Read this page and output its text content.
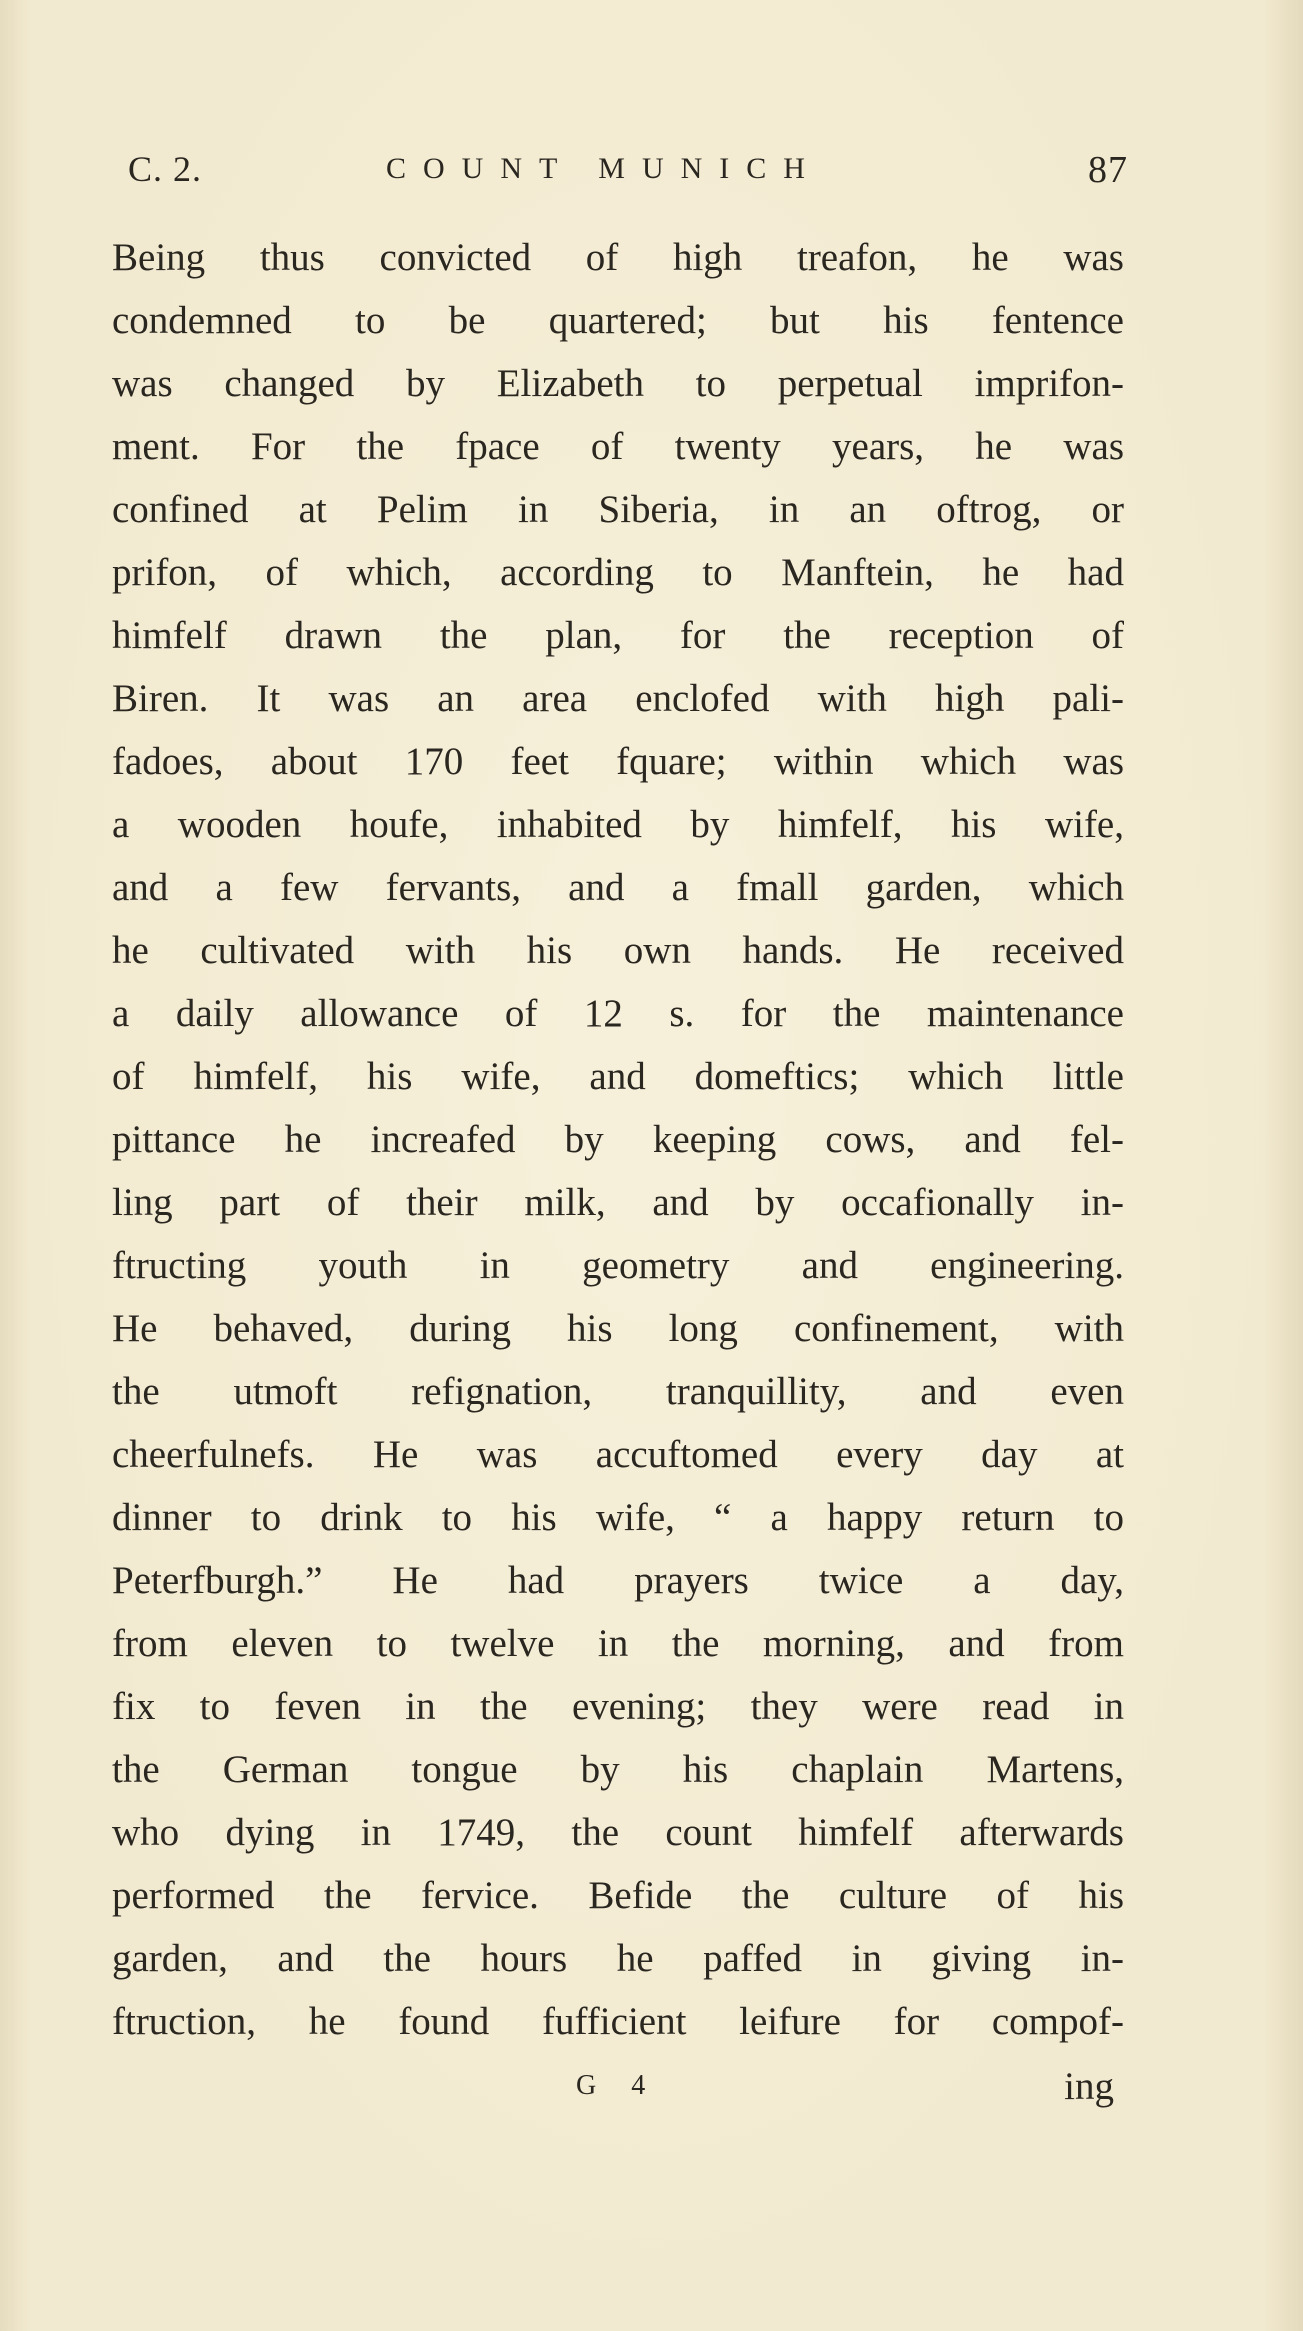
C. 2.	COUNT MUNICH	87
Being thus convicted of high treafon, he was
condemned to be quartered; but his fentence
was changed by Elizabeth to perpetual imprifon-
ment. For the fpace of twenty years, he was
confined at Pelim in Siberia, in an oftrog, or
prifon, of which, according to Manftein, he had
himfelf drawn the plan, for the reception of
Biren. It was an area enclofed with high pali-
fadoes, about 170 feet fquare; within which was
a wooden houfe, inhabited by himfelf, his wife,
and a few fervants, and a fmall garden, which
he cultivated with his own hands. He received
a daily allowance of 12 s. for the maintenance
of himfelf, his wife, and domeftics; which little
pittance he increafed by keeping cows, and fel-
ling part of their milk, and by occafionally in-
ftructing youth in geometry and engineering.
He behaved, during his long confinement, with
the utmoft refignation, tranquillity, and even
cheerfulnefs. He was accuftomed every day at
dinner to drink to his wife, “ a happy return to
Peterfburgh.” He had prayers twice a day,
from eleven to twelve in the morning, and from
fix to feven in the evening; they were read in
the German tongue by his chaplain Martens,
who dying in 1749, the count himfelf afterwards
performed the fervice. Befide the culture of his
garden, and the hours he paffed in giving in-
ftruction, he found fufficient leifure for compof-
G 4	ing
